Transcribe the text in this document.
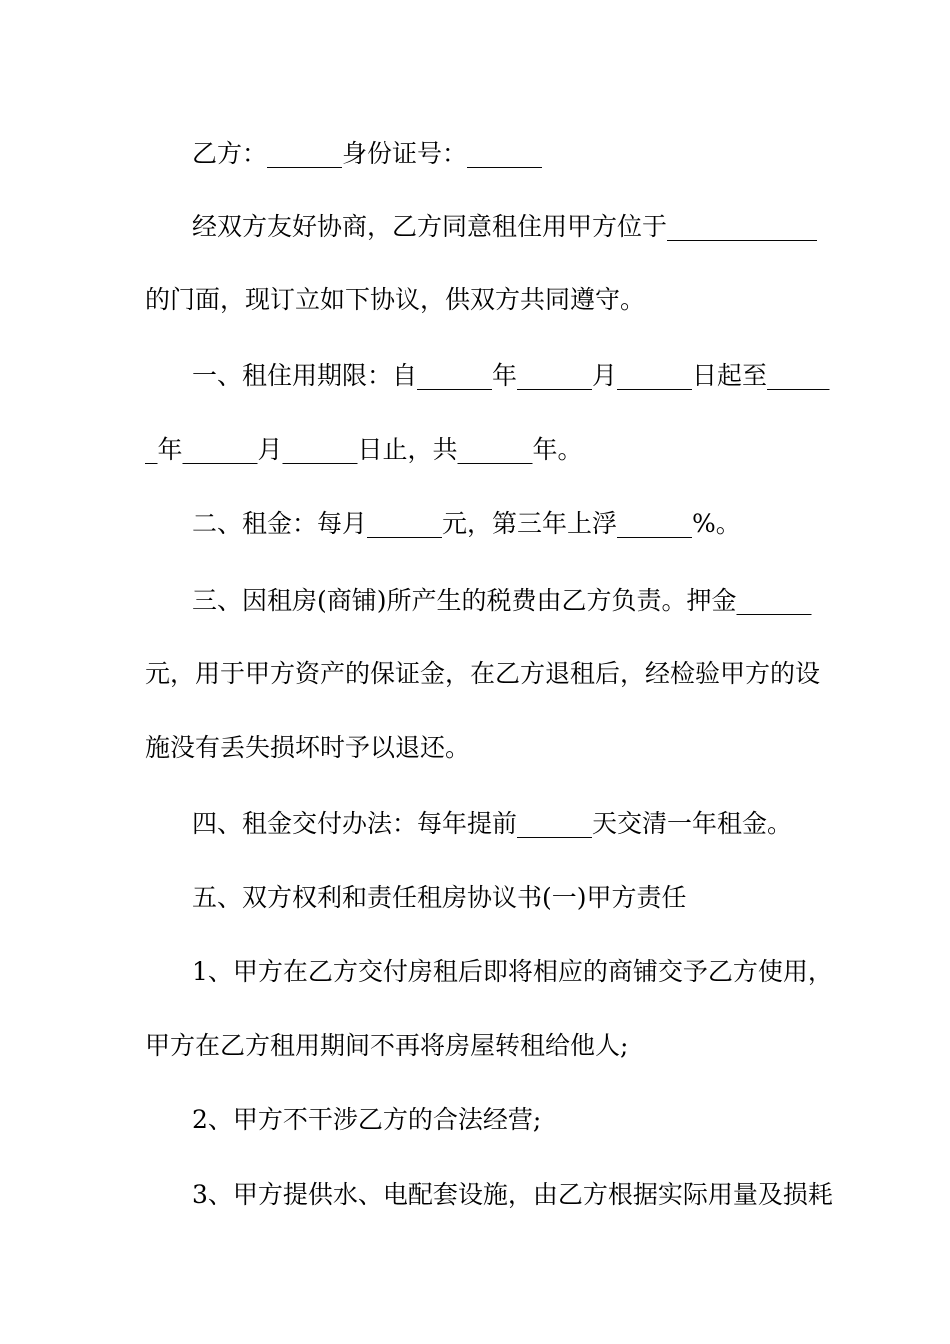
乙方：______身份证号：______
经双方友好协商，乙方同意租住用甲方位于____________
的门面，现订立如下协议，供双方共同遵守。
一、租住用期限：自______年______月______日起至_____
_年______月______日止，共______年。
二、租金：每月______元，第三年上浮______%。
三、因租房(商铺)所产生的税费由乙方负责。押金______
元，用于甲方资产的保证金，在乙方退租后，经检验甲方的设
施没有丢失损坏时予以退还。
四、租金交付办法：每年提前______天交清一年租金。
五、双方权利和责任租房协议书(一)甲方责任
1、甲方在乙方交付房租后即将相应的商铺交予乙方使用，
甲方在乙方租用期间不再将房屋转租给他人;
2、甲方不干涉乙方的合法经营;
3、甲方提供水、电配套设施，由乙方根据实际用量及损耗
